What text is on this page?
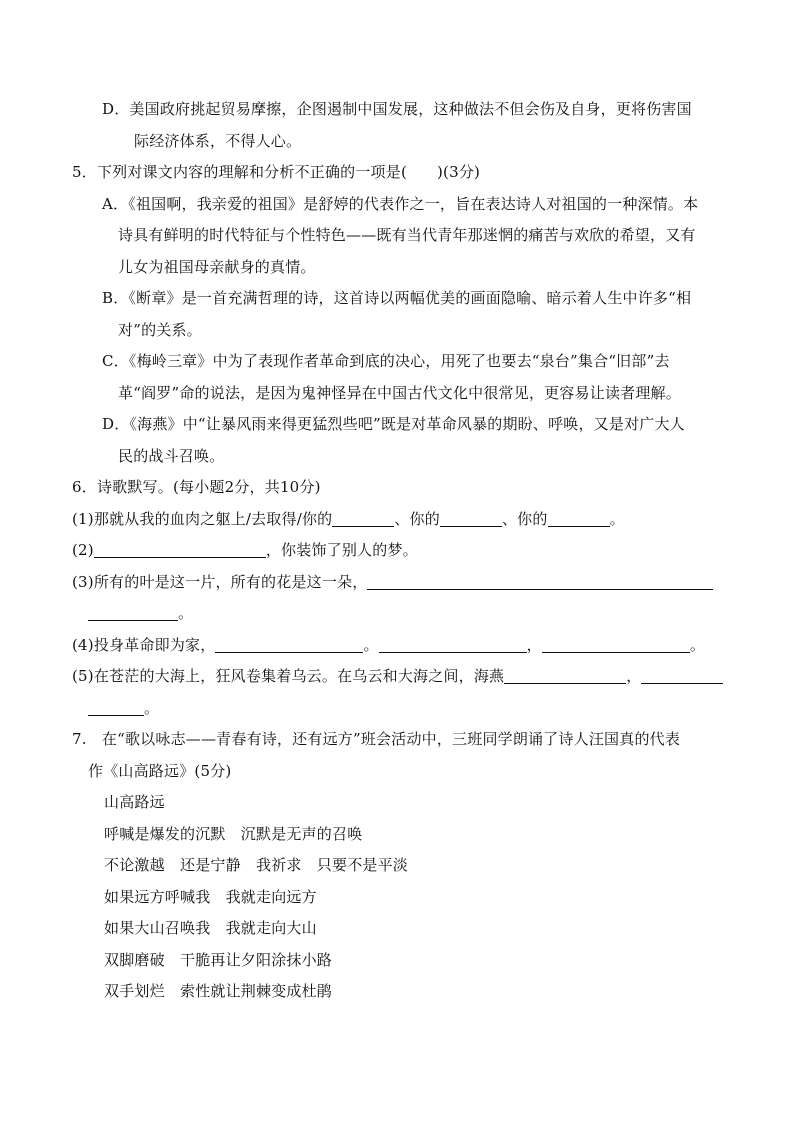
D．美国政府挑起贸易摩擦，企图遏制中国发展，这种做法不但会伤及自身，更将伤害国
际经济体系，不得人心。
5．下列对课文内容的理解和分析不正确的一项是( )(3分)
A．《祖国啊，我亲爱的祖国》是舒婷的代表作之一，旨在表达诗人对祖国的一种深情。本
诗具有鲜明的时代特征与个性特色——既有当代青年那迷惘的痛苦与欢欣的希望，又有
儿女为祖国母亲献身的真情。
B．《断章》是一首充满哲理的诗，这首诗以两幅优美的画面隐喻、暗示着人生中许多“相
对”的关系。
C．《梅岭三章》中为了表现作者革命到底的决心，用死了也要去“泉台”集合“旧部”去
革“阎罗”命的说法，是因为鬼神怪异在中国古代文化中很常见，更容易让读者理解。
D．《海燕》中“让暴风雨来得更猛烈些吧”既是对革命风暴的期盼、呼唤，又是对广大人
民的战斗召唤。
6．诗歌默写。(每小题2分，共10分)
(1)那就从我的血肉之躯上/去取得/你的	、你的	、你的	。
(2)	，你装饰了别人的梦。
(3)所有的叶是这一片，所有的花是这一朵，
。
(4)投身革命即为家，	。	，	。
(5)在苍茫的大海上，狂风卷集着乌云。在乌云和大海之间，海燕	，
。
7.　在“歌以咏志——青春有诗，还有远方”班会活动中，三班同学朗诵了诗人汪国真的代表
作《山高路远》(5分)
山高路远
呼喊是爆发的沉默　沉默是无声的召唤
不论激越　还是宁静　我祈求　只要不是平淡
如果远方呼喊我　我就走向远方
如果大山召唤我　我就走向大山
双脚磨破　干脆再让夕阳涂抹小路
双手划烂　索性就让荆棘变成杜鹃
